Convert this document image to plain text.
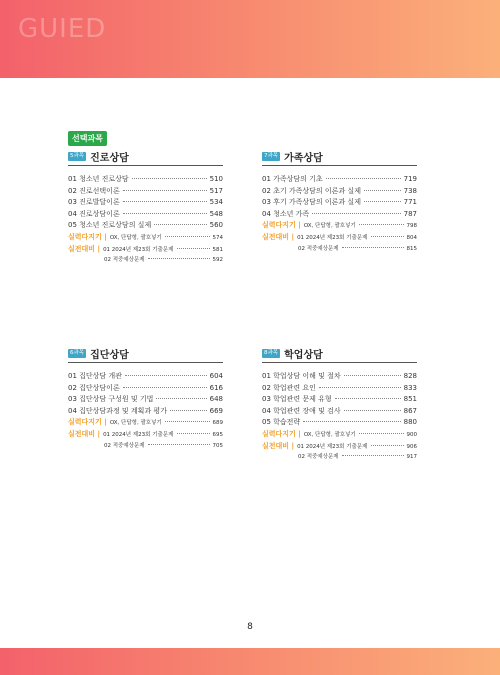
GUIED
선택과목
5과목 진로상담
01 청소년 진로상담	510
02 진로선택이론	517
03 진로발달이론	534
04 진로상담이론	548
05 청소년 진로상담의 실제	560
실력다지기 | OX, 단답형, 괄호넣기	574
실전대비 | 01 2024년 제23회 기출문제	581
02 적중예상문제	592
7과목 가족상담
01 가족상담의 기초	719
02 초기 가족상담의 이론과 실제	738
03 후기 가족상담의 이론과 실제	771
04 청소년 가족	787
실력다지기 | OX, 단답형, 괄호넣기	798
실전대비 | 01 2024년 제23회 기출문제	804
02 적중예상문제	815
6과목 집단상담
01 집단상담 개관	604
02 집단상담이론	616
03 집단상담 구성원 및 기법	648
04 집단상담과정 및 계획과 평가	669
실력다지기 | OX, 단답형, 괄호넣기	689
실전대비 | 01 2024년 제23회 기출문제	695
02 적중예상문제	705
8과목 학업상담
01 학업상담 이해 및 절차	828
02 학업관련 요인	833
03 학업관련 문제 유형	851
04 학업관련 장애 및 검사	867
05 학습전략	880
실력다지기 | OX, 단답형, 괄호넣기	900
실전대비 | 01 2024년 제23회 기출문제	906
02 적중예상문제	917
8
